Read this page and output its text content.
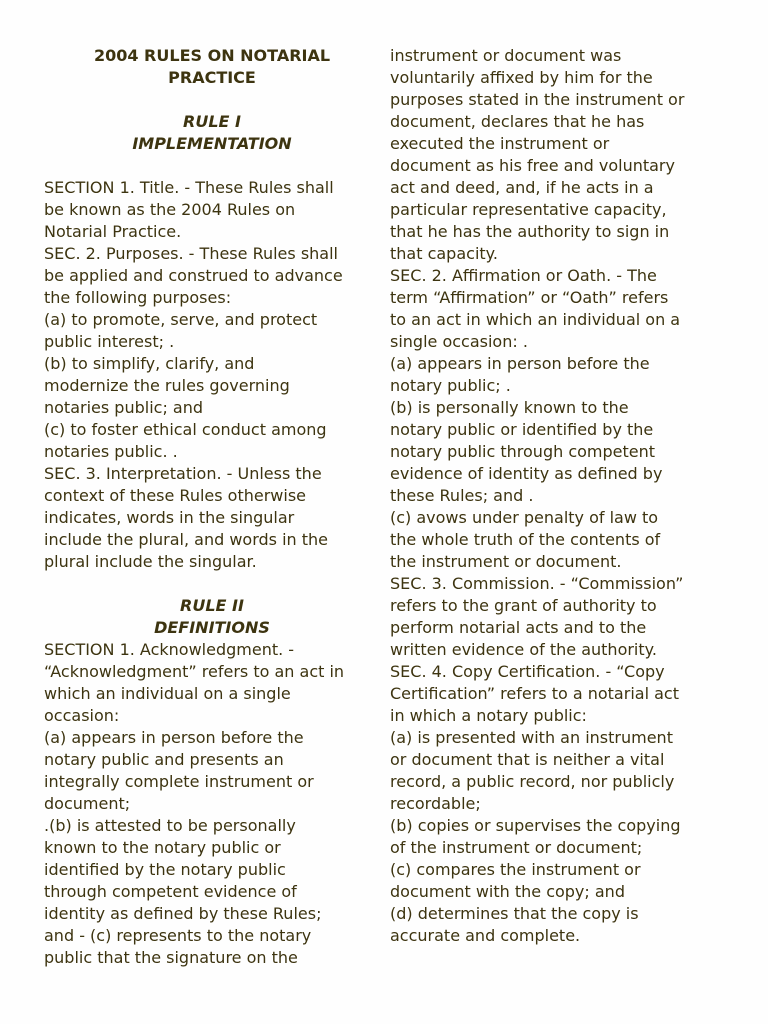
2004 RULES ON NOTARIAL
PRACTICE
RULE I
IMPLEMENTATION
SECTION 1. Title. - These Rules shall
be known as the 2004 Rules on
Notarial Practice.
SEC. 2. Purposes. - These Rules shall
be applied and construed to advance
the following purposes:
(a) to promote, serve, and protect
public interest; .
(b) to simplify, clarify, and
modernize the rules governing
notaries public; and
(c) to foster ethical conduct among
notaries public. .
SEC. 3. Interpretation. - Unless the
context of these Rules otherwise
indicates, words in the singular
include the plural, and words in the
plural include the singular.
RULE II
DEFINITIONS
SECTION 1. Acknowledgment. -
“Acknowledgment” refers to an act in
which an individual on a single
occasion:
(a) appears in person before the
notary public and presents an
integrally complete instrument or
document;
.(b) is attested to be personally
known to the notary public or
identified by the notary public
through competent evidence of
identity as defined by these Rules;
and - (c) represents to the notary
public that the signature on the
instrument or document was
voluntarily affixed by him for the
purposes stated in the instrument or
document, declares that he has
executed the instrument or
document as his free and voluntary
act and deed, and, if he acts in a
particular representative capacity,
that he has the authority to sign in
that capacity.
SEC. 2. Affirmation or Oath. - The
term “Affirmation” or “Oath” refers
to an act in which an individual on a
single occasion: .
(a) appears in person before the
notary public; .
(b) is personally known to the
notary public or identified by the
notary public through competent
evidence of identity as defined by
these Rules; and .
(c) avows under penalty of law to
the whole truth of the contents of
the instrument or document.
SEC. 3. Commission. - “Commission”
refers to the grant of authority to
perform notarial acts and to the
written evidence of the authority.
SEC. 4. Copy Certification. - “Copy
Certification” refers to a notarial act
in which a notary public:
(a) is presented with an instrument
or document that is neither a vital
record, a public record, nor publicly
recordable;
(b) copies or supervises the copying
of the instrument or document;
(c) compares the instrument or
document with the copy; and
(d) determines that the copy is
accurate and complete.
